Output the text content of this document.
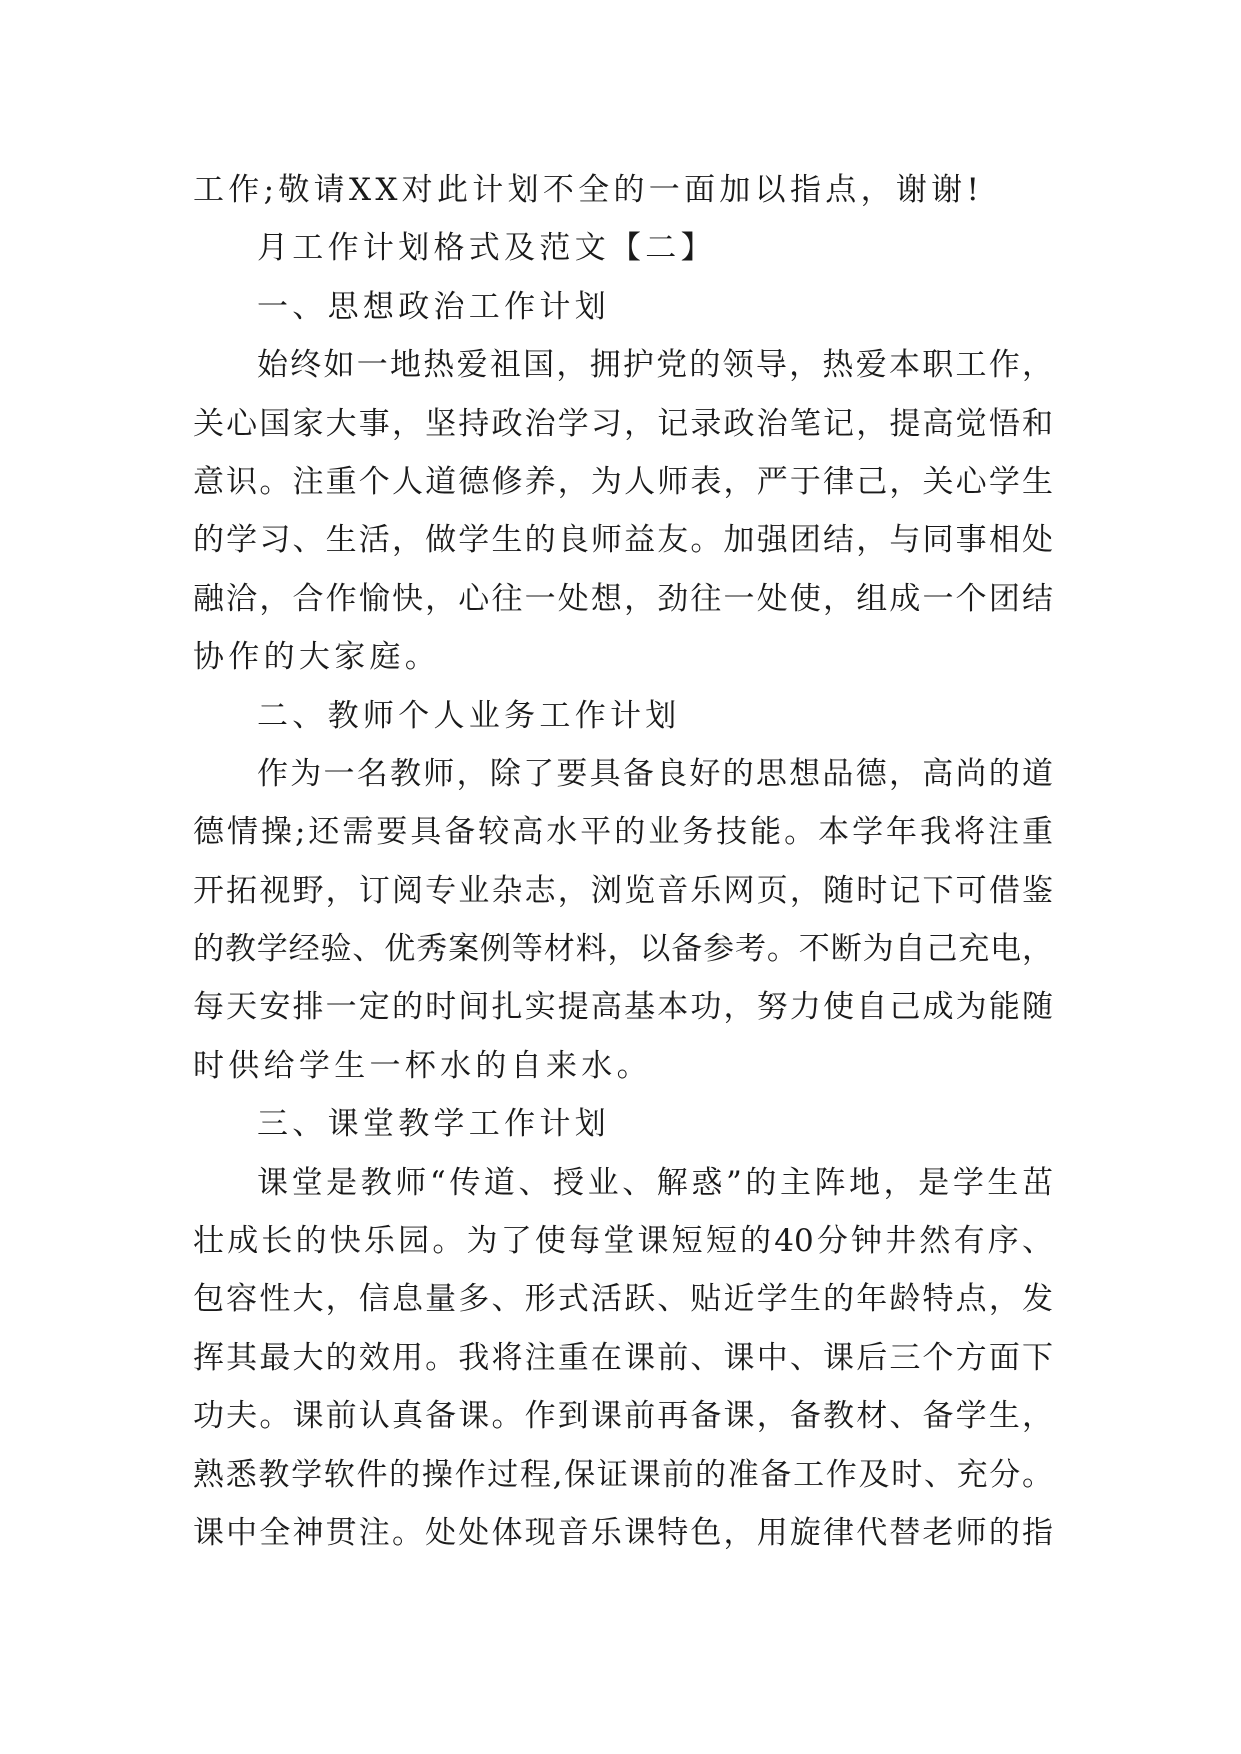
工作;敬请XX对此计划不全的一面加以指点，谢谢!
月工作计划格式及范文【二】
一、思想政治工作计划
始终如一地热爱祖国，拥护党的领导，热爱本职工作，
关心国家大事，坚持政治学习，记录政治笔记，提高觉悟和
意识。注重个人道德修养，为人师表，严于律己，关心学生
的学习、生活，做学生的良师益友。加强团结，与同事相处
融洽，合作愉快，心往一处想，劲往一处使，组成一个团结
协作的大家庭。
二、教师个人业务工作计划
作为一名教师，除了要具备良好的思想品德，高尚的道
德情操;还需要具备较高水平的业务技能。本学年我将注重
开拓视野，订阅专业杂志，浏览音乐网页，随时记下可借鉴
的教学经验、优秀案例等材料，以备参考。不断为自己充电，
每天安排一定的时间扎实提高基本功，努力使自己成为能随
时供给学生一杯水的自来水。
三、课堂教学工作计划
课堂是教师“传道、授业、解惑”的主阵地，是学生茁
壮成长的快乐园。为了使每堂课短短的40分钟井然有序、
包容性大，信息量多、形式活跃、贴近学生的年龄特点，发
挥其最大的效用。我将注重在课前、课中、课后三个方面下
功夫。课前认真备课。作到课前再备课，备教材、备学生，
熟悉教学软件的操作过程,保证课前的准备工作及时、充分。
课中全神贯注。处处体现音乐课特色，用旋律代替老师的指
